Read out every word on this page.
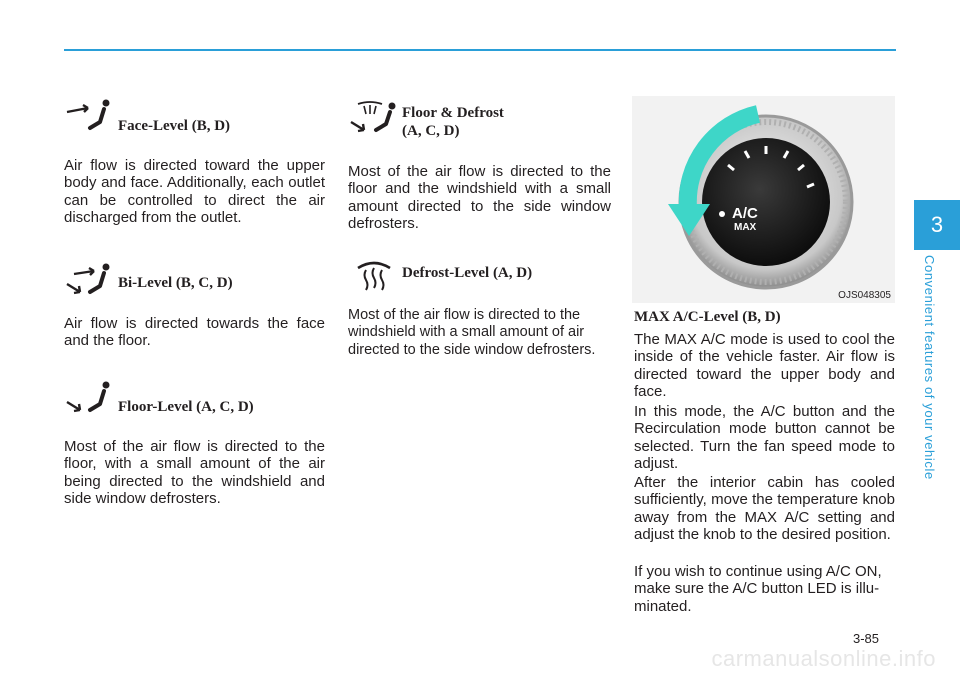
Face-Level (B, D)

Air flow is directed toward the upper body and face. Additionally, each outlet can be controlled to direct the air discharged from the outlet.

Bi-Level (B, C, D)

Air flow is directed towards the face and the floor.

Floor-Level (A, C, D)

Most of the air flow is directed to the floor, with a small amount of the air being directed to the windshield and side window defrosters.

Floor & Defrost
(A, C, D)

Most of the air flow is directed to the floor and the windshield with a small amount directed to the side window defrosters.

Defrost-Level (A, D)

Most of the air flow is directed to the windshield with a small amount of air directed to the side window defrosters.

A/C
MAX
OJS048305
MAX A/C-Level (B, D)

The MAX A/C mode is used to cool the inside of the vehicle faster. Air flow is directed toward the upper body and face.

In this mode, the A/C button and the Recirculation mode button cannot be selected. Turn the fan speed mode to adjust.

After the interior cabin has cooled sufficiently, move the temperature knob away from the MAX A/C setting and adjust the knob to the desired position.

If you wish to continue using A/C ON, make sure the A/C button LED is illu-minated.

3
Convenient features of your vehicle
3-85
carmanualsonline.info
